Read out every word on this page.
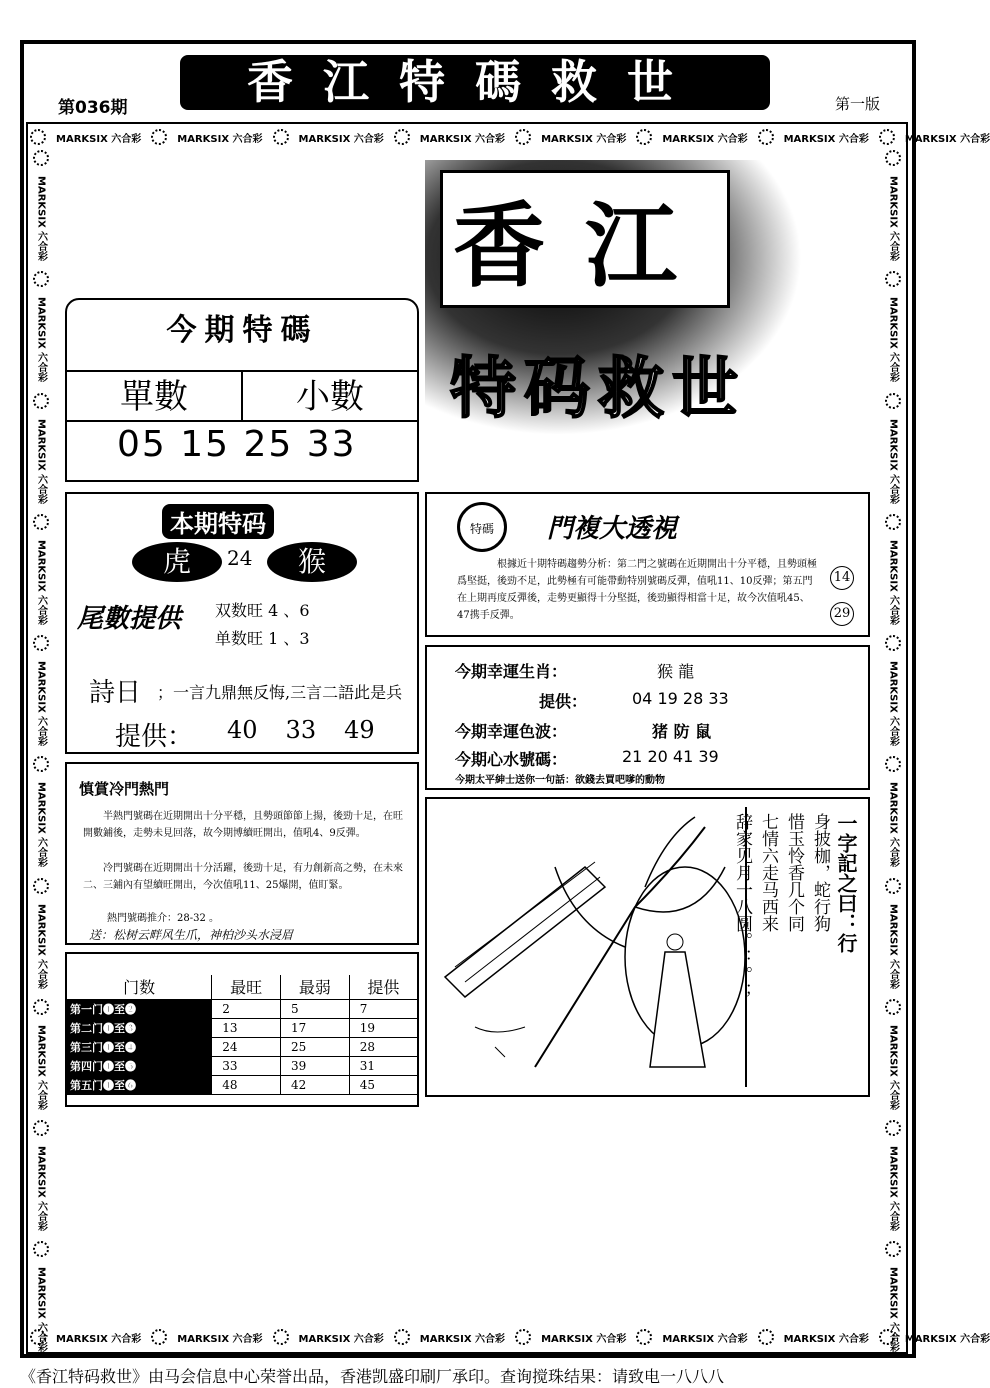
香江特碼救世
第036期	第一版
MARKSIX 六合彩	MARKSIX 六合彩	MARKSIX 六合彩	MARKSIX 六合彩	MARKSIX 六合彩	MARKSIX 六合彩	MARKSIX 六合彩	MARKSIX 六合彩
MARKSIX 六合彩	MARKSIX 六合彩	MARKSIX 六合彩	MARKSIX 六合彩	MARKSIX 六合彩	MARKSIX 六合彩	MARKSIX 六合彩	MARKSIX 六合彩
MARKSIX 六合彩
MARKSIX 六合彩
MARKSIX 六合彩
MARKSIX 六合彩
MARKSIX 六合彩
MARKSIX 六合彩
MARKSIX 六合彩
MARKSIX 六合彩
MARKSIX 六合彩
MARKSIX 六合彩
MARKSIX 六合彩
MARKSIX 六合彩
MARKSIX 六合彩
MARKSIX 六合彩
MARKSIX 六合彩
MARKSIX 六合彩
MARKSIX 六合彩
MARKSIX 六合彩
MARKSIX 六合彩
MARKSIX 六合彩
香江
特码救世
今期特碼
單數	小數
05 15 25 33
本期特码
虎	24	猴
尾數提供 双数旺 4 、6
单数旺 1 、3
詩日 ；一言九鼎無反悔,三言二語此是兵
提供： 40 33 49
特碼	門複大透視
根據近十期特碼趨勢分析：第二門之號碼在近期開出十分平穩，且勢頭極爲堅挺，後勁不足，此勢極有可能帶動特別號碼反彈，值吼11、10反彈；第五門在上期再度反彈後，走勢更顯得十分堅挺，後勁顯得相當十足，故今次值吼45、47携手反彈。
14
29
今期幸運生肖：	猴 龍
提供：	04 19 28 33
今期幸運色波：	猪 防 鼠
今期心水號碼：	21 20 41 39
今期太平紳士送你一句話：欲錢去買吧嗲的動物
慎賞冷門熱門
半熱門號碼在近期開出十分平穩，且勢頭節節上揚，後勁十足，在旺開數鋪後，走勢未見回落，故今期博續旺開出，值吼4、9反彈。
冷門號碼在近期開出十分活躍，後勁十足，有力創新高之勢，在未來二、三鋪內有望續旺開出，今次值吼11、25爆開，值盯緊。
熱門號碼推介：28-32 。
送：松树云畔风生爪，神柏沙头水浸眉
门数	最旺	最弱	提供
第一门❶至❷	2	5	7
第二门❶至❸	13	17	19
第三门❶至❹	24	25	28
第四门❶至❺	33	39	31
第五门❶至❻	48	42	45
一字記之曰：行
身披枷，蛇行狗
惜玉怜香几个同
七情六走马西来
辞家见月一八圆。：。；
《香江特码救世》由马会信息中心荣誉出品，香港凯盛印刷厂承印。查询搅珠结果：请致电一八八八
